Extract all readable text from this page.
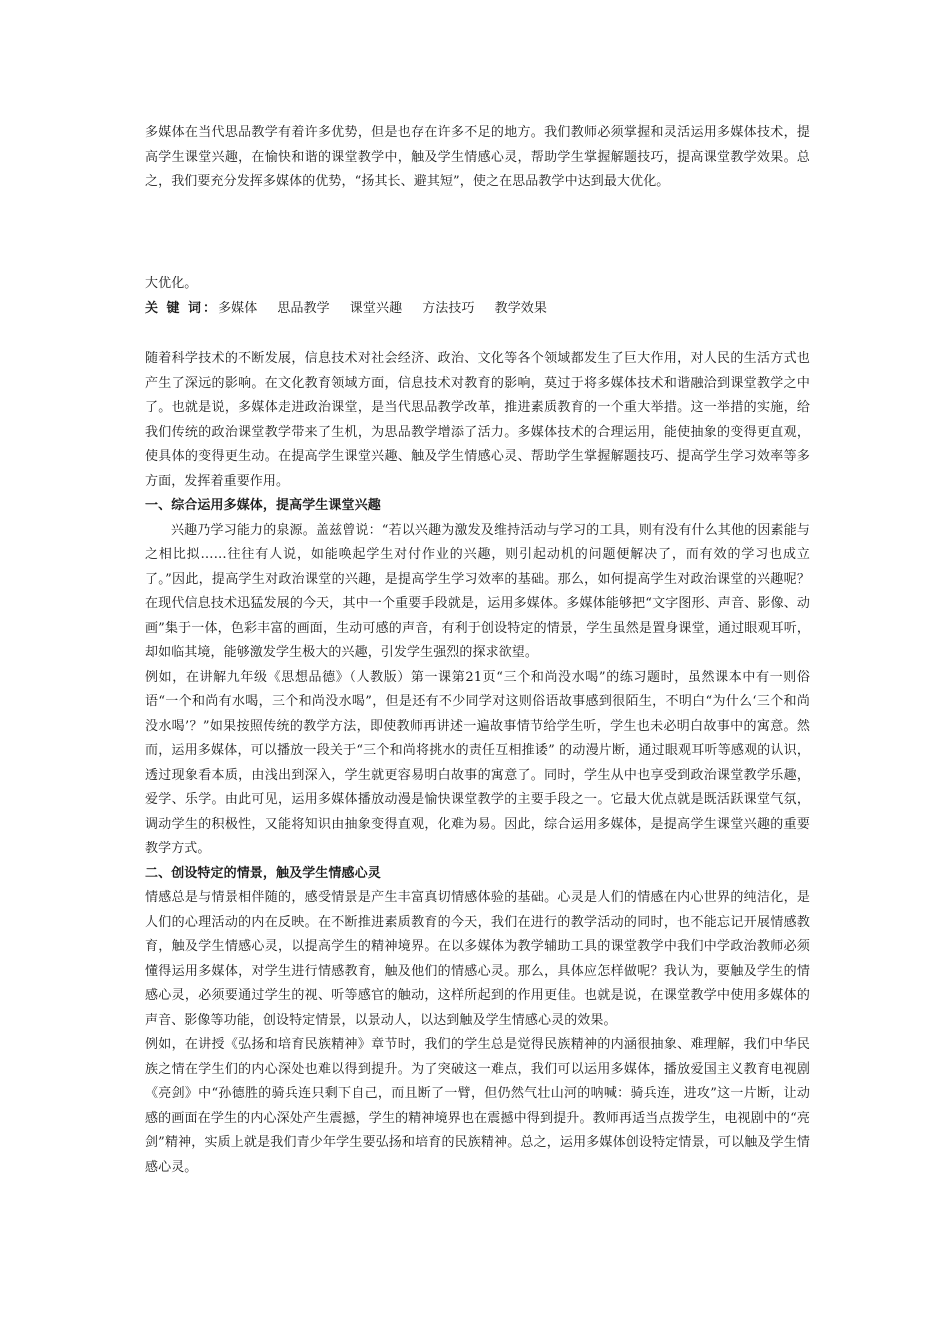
多媒体在当代思品教学有着许多优势，但是也存在许多不足的地方。我们教师必须掌握和灵活运用多媒体技术，提高学生课堂兴趣，在愉快和谐的课堂教学中，触及学生情感心灵，帮助学生掌握解题技巧，提高课堂教学效果。总之，我们要充分发挥多媒体的优势，“扬其长、避其短”，使之在思品教学中达到最大优化。

大优化。

关 键 词：多媒体 思品教学 课堂兴趣 方法技巧 教学效果

随着科学技术的不断发展，信息技术对社会经济、政治、文化等各个领域都发生了巨大作用，对人民的生活方式也产生了深远的影响。在文化教育领域方面，信息技术对教育的影响，莫过于将多媒体技术和谐融洽到课堂教学之中了。也就是说，多媒体走进政治课堂，是当代思品教学改革，推进素质教育的一个重大举措。这一举措的实施，给我们传统的政治课堂教学带来了生机，为思品教学增添了活力。多媒体技术的合理运用，能使抽象的变得更直观，使具体的变得更生动。在提高学生课堂兴趣、触及学生情感心灵、帮助学生掌握解题技巧、提高学生学习效率等多方面，发挥着重要作用。

一、综合运用多媒体，提高学生课堂兴趣

兴趣乃学习能力的泉源。盖兹曾说：“若以兴趣为激发及维持活动与学习的工具，则有没有什么其他的因素能与之相比拟……往往有人说，如能唤起学生对付作业的兴趣，则引起动机的问题便解决了，而有效的学习也成立了。”因此，提高学生对政治课堂的兴趣，是提高学生学习效率的基础。那么，如何提高学生对政治课堂的兴趣呢？在现代信息技术迅猛发展的今天，其中一个重要手段就是，运用多媒体。多媒体能够把“文字图形、声音、影像、动画”集于一体，色彩丰富的画面，生动可感的声音，有利于创设特定的情景，学生虽然是置身课堂，通过眼观耳听，却如临其境，能够激发学生极大的兴趣，引发学生强烈的探求欲望。

例如，在讲解九年级《思想品德》（人教版）第一课第21页“三个和尚没水喝”的练习题时，虽然课本中有一则俗语“一个和尚有水喝，三个和尚没水喝”，但是还有不少同学对这则俗语故事感到很陌生，不明白“为什么‘三个和尚没水喝’？”如果按照传统的教学方法，即使教师再讲述一遍故事情节给学生听，学生也未必明白故事中的寓意。然而，运用多媒体，可以播放一段关于“三个和尚将挑水的责任互相推诿” 的动漫片断，通过眼观耳听等感观的认识，透过现象看本质，由浅出到深入，学生就更容易明白故事的寓意了。同时，学生从中也享受到政治课堂教学乐趣，爱学、乐学。由此可见，运用多媒体播放动漫是愉快课堂教学的主要手段之一。它最大优点就是既活跃课堂气氛，调动学生的积极性，又能将知识由抽象变得直观，化难为易。因此，综合运用多媒体，是提高学生课堂兴趣的重要教学方式。

二、创设特定的情景，触及学生情感心灵

情感总是与情景相伴随的，感受情景是产生丰富真切情感体验的基础。心灵是人们的情感在内心世界的纯洁化，是人们的心理活动的内在反映。在不断推进素质教育的今天，我们在进行的教学活动的同时，也不能忘记开展情感教育，触及学生情感心灵，以提高学生的精神境界。在以多媒体为教学辅助工具的课堂教学中我们中学政治教师必须懂得运用多媒体，对学生进行情感教育，触及他们的情感心灵。那么，具体应怎样做呢？我认为，要触及学生的情感心灵，必须要通过学生的视、听等感官的触动，这样所起到的作用更佳。也就是说，在课堂教学中使用多媒体的声音、影像等功能，创设特定情景，以景动人，以达到触及学生情感心灵的效果。

例如，在讲授《弘扬和培育民族精神》章节时，我们的学生总是觉得民族精神的内涵很抽象、难理解，我们中华民族之情在学生们的内心深处也难以得到提升。为了突破这一难点，我们可以运用多媒体，播放爱国主义教育电视剧《亮剑》中“孙德胜的骑兵连只剩下自己，而且断了一臂，但仍然气壮山河的呐喊：骑兵连，进攻”这一片断，让动感的画面在学生的内心深处产生震撼，学生的精神境界也在震撼中得到提升。教师再适当点拨学生，电视剧中的“亮剑”精神，实质上就是我们青少年学生要弘扬和培育的民族精神。总之，运用多媒体创设特定情景，可以触及学生情感心灵。
